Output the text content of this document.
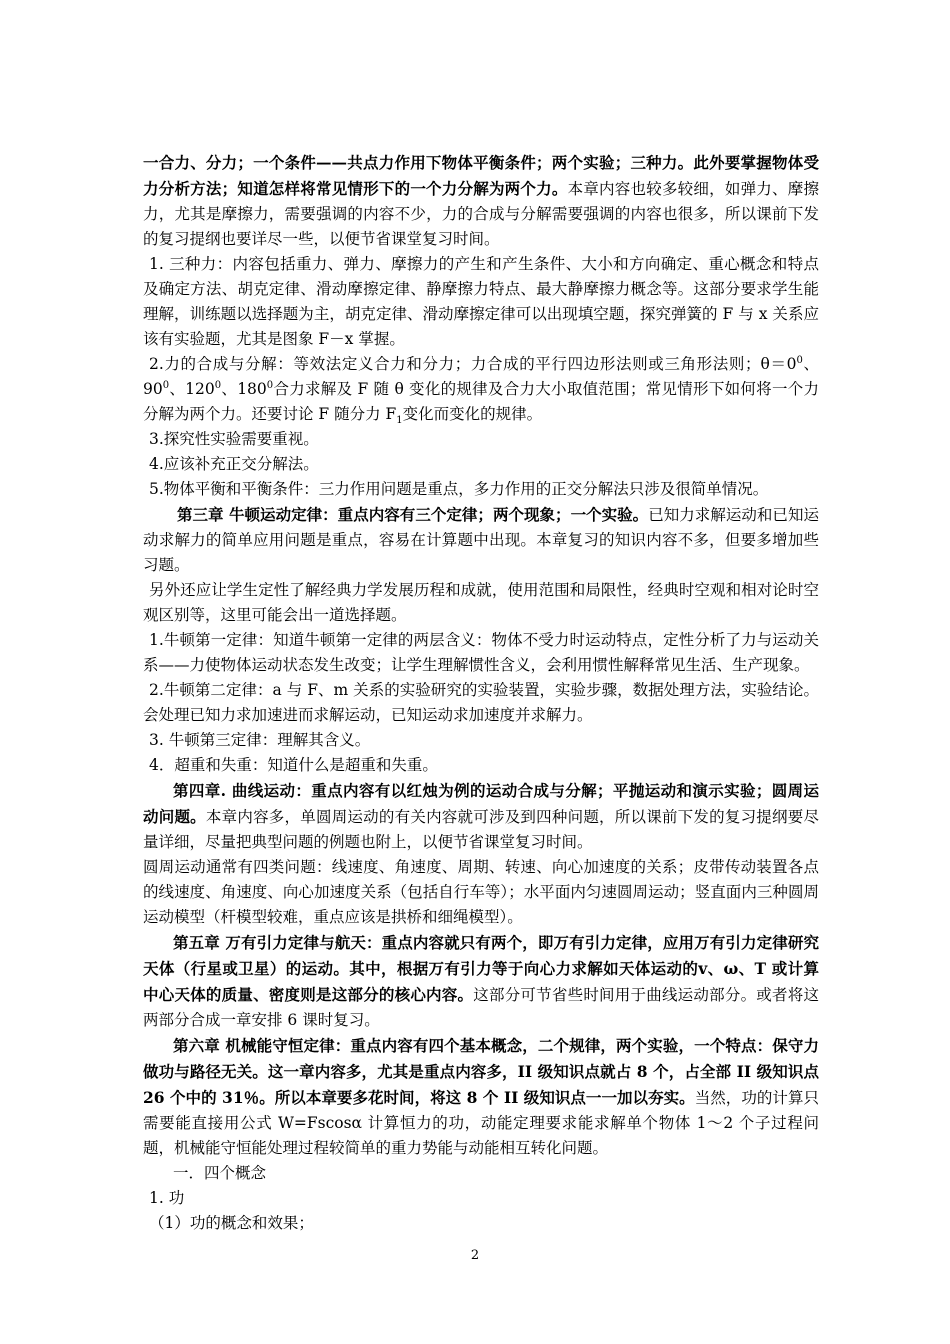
一合力、分力；一个条件——共点力作用下物体平衡条件；两个实验；三种力。此外要掌握物体受力分析方法；知道怎样将常见情形下的一个力分解为两个力。本章内容也较多较细，如弹力、摩擦力，尤其是摩擦力，需要强调的内容不少，力的合成与分解需要强调的内容也很多，所以课前下发的复习提纲也要详尽一些，以便节省课堂复习时间。

1. 三种力：内容包括重力、弹力、摩擦力的产生和产生条件、大小和方向确定、重心概念和特点及确定方法、胡克定律、滑动摩擦定律、静摩擦力特点、最大静摩擦力概念等。这部分要求学生能理解，训练题以选择题为主，胡克定律、滑动摩擦定律可以出现填空题，探究弹簧的 F 与 x 关系应该有实验题，尤其是图象 F－x 掌握。

2.力的合成与分解：等效法定义合力和分力；力合成的平行四边形法则或三角形法则；$\theta=0^0$、$90^0$、$120^0$、$180^0$合力求解及 F 随 θ 变化的规律及合力大小取值范围；常见情形下如何将一个力分解为两个力。还要讨论 F 随分力 $F_1$变化而变化的规律。

3.探究性实验需要重视。

4.应该补充正交分解法。

5.物体平衡和平衡条件：三力作用问题是重点，多力作用的正交分解法只涉及很简单情况。

第三章 牛顿运动定律：重点内容有三个定律；两个现象；一个实验。已知力求解运动和已知运动求解力的简单应用问题是重点，容易在计算题中出现。本章复习的知识内容不多，但要多增加些习题。

另外还应让学生定性了解经典力学发展历程和成就，使用范围和局限性，经典时空观和相对论时空观区别等，这里可能会出一道选择题。

1.牛顿第一定律：知道牛顿第一定律的两层含义：物体不受力时运动特点，定性分析了力与运动关系——力使物体运动状态发生改变；让学生理解惯性含义，会利用惯性解释常见生活、生产现象。

2.牛顿第二定律：a 与 F、m 关系的实验研究的实验装置，实验步骤，数据处理方法，实验结论。会处理已知力求加速进而求解运动，已知运动求加速度并求解力。

3. 牛顿第三定律：理解其含义。

4．超重和失重：知道什么是超重和失重。

第四章. 曲线运动：重点内容有以红烛为例的运动合成与分解；平抛运动和演示实验；圆周运动问题。本章内容多，单圆周运动的有关内容就可涉及到四种问题，所以课前下发的复习提纲要尽量详细，尽量把典型问题的例题也附上，以便节省课堂复习时间。

圆周运动通常有四类问题：线速度、角速度、周期、转速、向心加速度的关系；皮带传动装置各点的线速度、角速度、向心加速度关系（包括自行车等）；水平面内匀速圆周运动；竖直面内三种圆周运动模型（杆模型较难，重点应该是拱桥和细绳模型）。

第五章 万有引力定律与航天：重点内容就只有两个，即万有引力定律，应用万有引力定律研究天体（行星或卫星）的运动。其中，根据万有引力等于向心力求解如天体运动的v、ω、T 或计算中心天体的质量、密度则是这部分的核心内容。这部分可节省些时间用于曲线运动部分。或者将这两部分合成一章安排 6 课时复习。

第六章 机械能守恒定律：重点内容有四个基本概念，二个规律，两个实验，一个特点：保守力做功与路径无关。这一章内容多，尤其是重点内容多，II 级知识点就占 8 个，占全部 II 级知识点 26 个中的 31％。所以本章要多花时间，将这 8 个 II 级知识点一一加以夯实。当然，功的计算只需要能直接用公式 W=Fscosα 计算恒力的功，动能定理要求能求解单个物体 1～2 个子过程问题，机械能守恒能处理过程较简单的重力势能与动能相互转化问题。

一．四个概念

1. 功

（1）功的概念和效果；

2
